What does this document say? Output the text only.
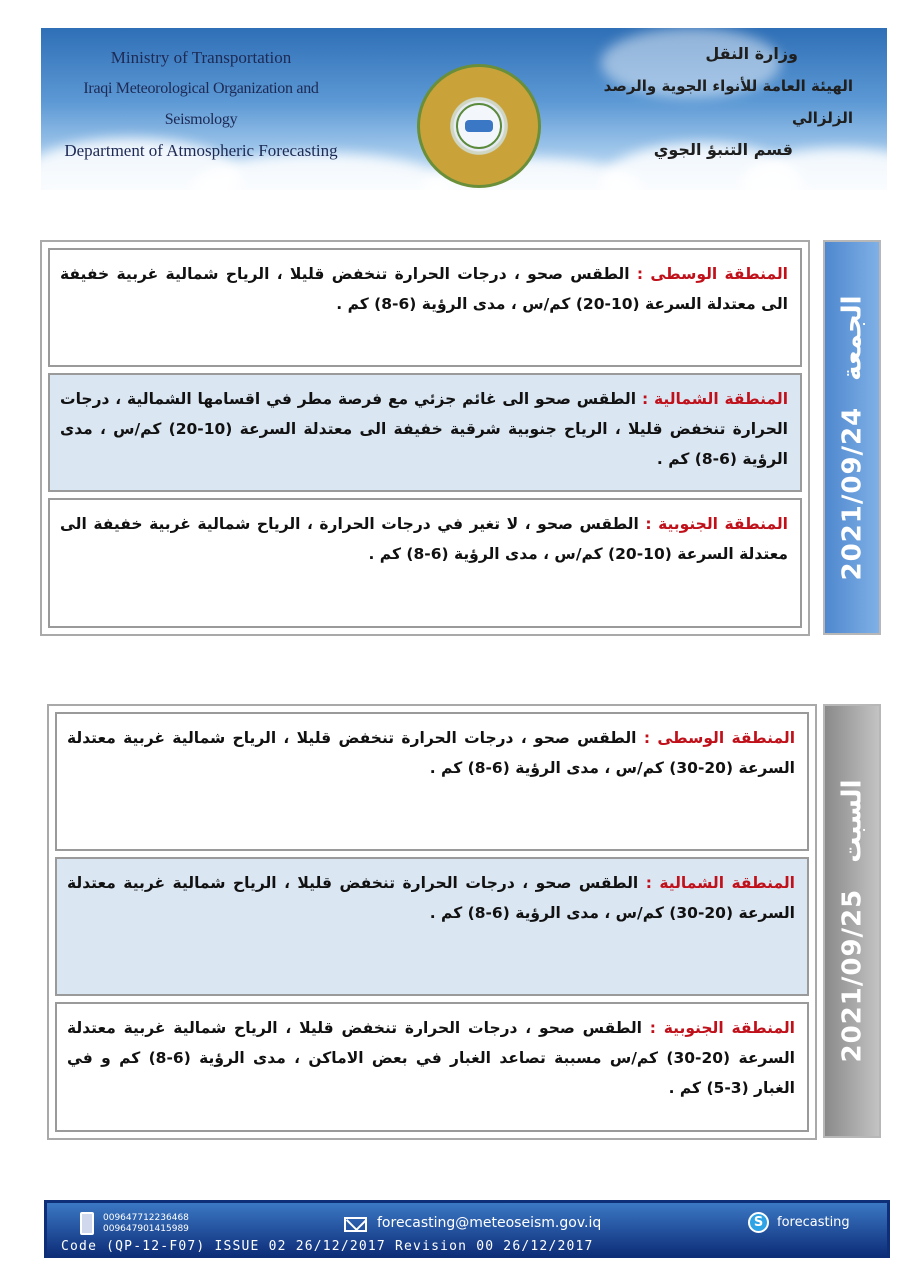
Ministry of Transportation
Iraqi Meteorological Organization and Seismology
Department of Atmospheric Forecasting
وزارة النقل
الهيئة العامة للأنواء الجوية والرصد الزلزالي
قسم التنبؤ الجوي
المنطقة الوسطى : الطقس صحو ، درجات الحرارة تنخفض قليلا ، الرياح شمالية غربية خفيفة الى معتدلة السرعة (10-20) كم/س ، مدى الرؤية (6-8) كم .
المنطقة الشمالية : الطقس صحو الى غائم جزئي مع فرصة مطر في اقسامها الشمالية ، درجات الحرارة تنخفض قليلا ، الرياح جنوبية شرقية خفيفة الى معتدلة السرعة (10-20) كم/س ، مدى الرؤية (6-8) كم .
المنطقة الجنوبية : الطقس صحو ، لا تغير في درجات الحرارة ، الرياح شمالية غربية خفيفة الى معتدلة السرعة (10-20) كم/س ، مدى الرؤية (6-8) كم .	2021/09/24
الجمعة
المنطقة الوسطى : الطقس صحو ، درجات الحرارة تنخفض قليلا ، الرياح شمالية غربية معتدلة السرعة (20-30) كم/س ، مدى الرؤية (6-8) كم .
المنطقة الشمالية : الطقس صحو ، درجات الحرارة تنخفض قليلا ، الرياح شمالية غربية معتدلة السرعة (20-30) كم/س ، مدى الرؤية (6-8) كم .
المنطقة الجنوبية : الطقس صحو ، درجات الحرارة تنخفض قليلا ، الرياح شمالية غربية معتدلة السرعة (20-30) كم/س مسببة تصاعد الغبار في بعض الاماكن ، مدى الرؤية (6-8) كم و في الغبار (3-5) كم .
2021/09/25
السبت
009647712236468
009647901415989	forecasting@meteoseism.gov.iq	S	forecasting
Code (QP-12-F07) ISSUE 02 26/12/2017 Revision 00 26/12/2017
